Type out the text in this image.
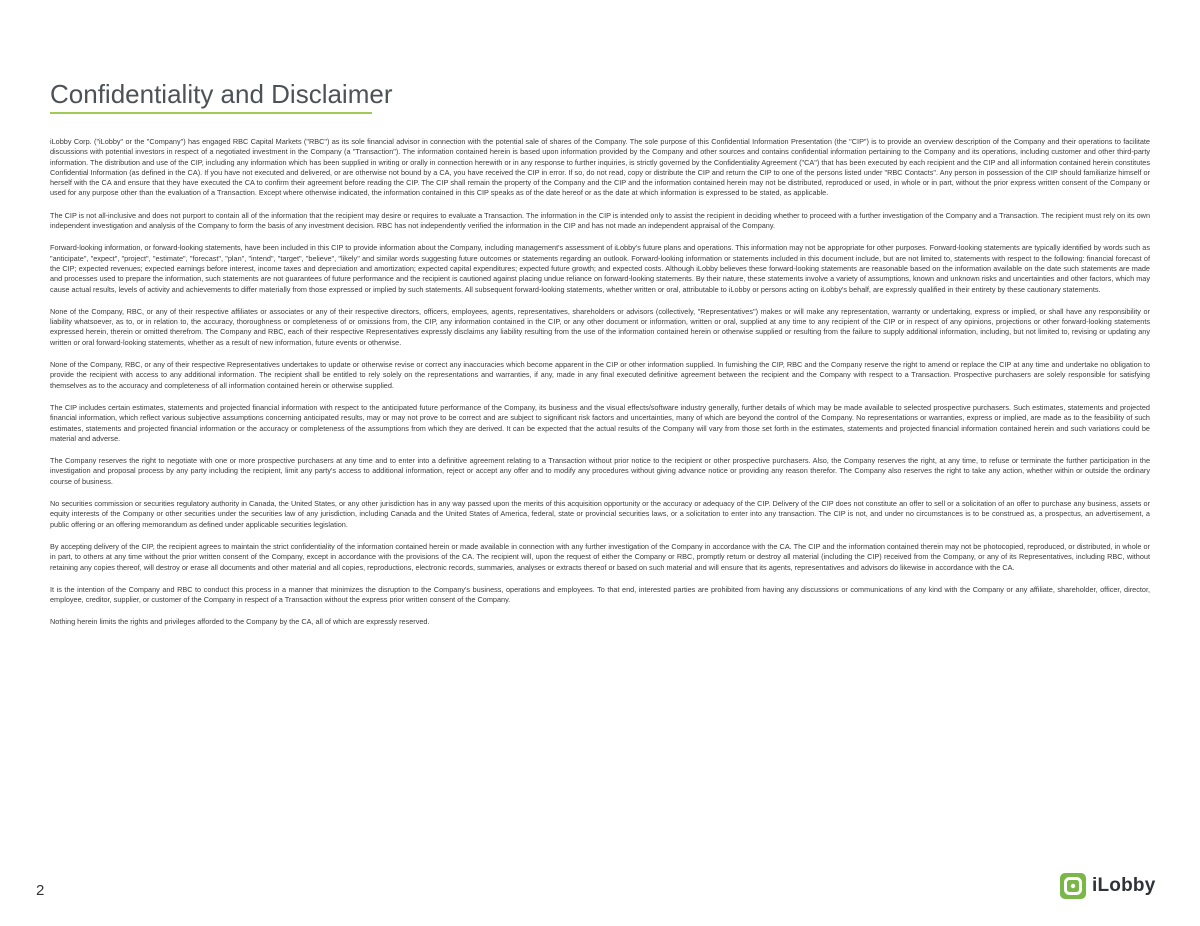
Confidentiality and Disclaimer

iLobby Corp. ("iLobby" or the "Company") has engaged RBC Capital Markets ("RBC") as its sole financial advisor in connection with the potential sale of shares of the Company. The sole purpose of this Confidential Information Presentation (the "CIP") is to provide an overview description of the Company and their operations to facilitate discussions with potential investors in respect of a negotiated investment in the Company (a "Transaction"). The information contained herein is based upon information provided by the Company and other sources and contains confidential information pertaining to the Company and its operations, including customer and other third-party information. The distribution and use of the CIP, including any information which has been supplied in writing or orally in connection herewith or in any response to further inquiries, is strictly governed by the Confidentiality Agreement ("CA") that has been executed by each recipient and the CIP and all information contained herein constitutes Confidential Information (as defined in the CA). If you have not executed and delivered, or are otherwise not bound by a CA, you have received the CIP in error. If so, do not read, copy or distribute the CIP and return the CIP to one of the persons listed under "RBC Contacts". Any person in possession of the CIP should familiarize himself or herself with the CA and ensure that they have executed the CA to confirm their agreement before reading the CIP. The CIP shall remain the property of the Company and the CIP and the information contained herein may not be distributed, reproduced or used, in whole or in part, without the prior express written consent of the Company or used for any purpose other than the evaluation of a Transaction. Except where otherwise indicated, the information contained in this CIP speaks as of the date hereof or as the date at which information is expressed to be stated, as applicable.

The CIP is not all-inclusive and does not purport to contain all of the information that the recipient may desire or requires to evaluate a Transaction. The information in the CIP is intended only to assist the recipient in deciding whether to proceed with a further investigation of the Company and a Transaction. The recipient must rely on its own independent investigation and analysis of the Company to form the basis of any investment decision. RBC has not independently verified the information in the CIP and has not made an independent appraisal of the Company.

Forward-looking information, or forward-looking statements, have been included in this CIP to provide information about the Company, including management's assessment of iLobby's future plans and operations. This information may not be appropriate for other purposes. Forward-looking statements are typically identified by words such as "anticipate", "expect", "project", "estimate", "forecast", "plan", "intend", "target", "believe", "likely" and similar words suggesting future outcomes or statements regarding an outlook. Forward-looking information or statements included in this document include, but are not limited to, statements with respect to the following: financial forecast of the CIP; expected revenues; expected earnings before interest, income taxes and depreciation and amortization; expected capital expenditures; expected future growth; and expected costs. Although iLobby believes these forward-looking statements are reasonable based on the information available on the date such statements are made and processes used to prepare the information, such statements are not guarantees of future performance and the recipient is cautioned against placing undue reliance on forward-looking statements. By their nature, these statements involve a variety of assumptions, known and unknown risks and uncertainties and other factors, which may cause actual results, levels of activity and achievements to differ materially from those expressed or implied by such statements. All subsequent forward-looking statements, whether written or oral, attributable to iLobby or persons acting on iLobby's behalf, are expressly qualified in their entirety by these cautionary statements.

None of the Company, RBC, or any of their respective affiliates or associates or any of their respective directors, officers, employees, agents, representatives, shareholders or advisors (collectively, "Representatives") makes or will make any representation, warranty or undertaking, express or implied, or shall have any responsibility or liability whatsoever, as to, or in relation to, the accuracy, thoroughness or completeness of or omissions from, the CIP, any information contained in the CIP, or any other document or information, written or oral, supplied at any time to any recipient of the CIP or in respect of any opinions, projections or other forward-looking statements expressed herein, therein or omitted therefrom. The Company and RBC, each of their respective Representatives expressly disclaims any liability resulting from the use of the information contained herein or otherwise supplied or resulting from the failure to supply additional information, including, but not limited to, revising or updating any written or oral forward-looking statements, whether as a result of new information, future events or otherwise.

None of the Company, RBC, or any of their respective Representatives undertakes to update or otherwise revise or correct any inaccuracies which become apparent in the CIP or other information supplied. In furnishing the CIP, RBC and the Company reserve the right to amend or replace the CIP at any time and undertake no obligation to provide the recipient with access to any additional information. The recipient shall be entitled to rely solely on the representations and warranties, if any, made in any final executed definitive agreement between the recipient and the Company with respect to a Transaction. Prospective purchasers are solely responsible for satisfying themselves as to the accuracy and completeness of all information contained herein or otherwise supplied.

The CIP includes certain estimates, statements and projected financial information with respect to the anticipated future performance of the Company, its business and the visual effects/software industry generally, further details of which may be made available to selected prospective purchasers. Such estimates, statements and projected financial information, which reflect various subjective assumptions concerning anticipated results, may or may not prove to be correct and are subject to significant risk factors and uncertainties, many of which are beyond the control of the Company. No representations or warranties, express or implied, are made as to the feasibility of such estimates, statements and projected financial information or the accuracy or completeness of the assumptions from which they are derived. It can be expected that the actual results of the Company will vary from those set forth in the estimates, statements and projected financial information contained herein and such variations could be material and adverse.

The Company reserves the right to negotiate with one or more prospective purchasers at any time and to enter into a definitive agreement relating to a Transaction without prior notice to the recipient or other prospective purchasers. Also, the Company reserves the right, at any time, to refuse or terminate the further participation in the investigation and proposal process by any party including the recipient, limit any party's access to additional information, reject or accept any offer and to modify any procedures without giving advance notice or providing any reason therefor. The Company also reserves the right to take any action, whether within or outside the ordinary course of business.

No securities commission or securities regulatory authority in Canada, the United States, or any other jurisdiction has in any way passed upon the merits of this acquisition opportunity or the accuracy or adequacy of the CIP. Delivery of the CIP does not constitute an offer to sell or a solicitation of an offer to purchase any business, assets or equity interests of the Company or other securities under the securities law of any jurisdiction, including Canada and the United States of America, federal, state or provincial securities laws, or a solicitation to enter into any transaction. The CIP is not, and under no circumstances is to be construed as, a prospectus, an advertisement, a public offering or an offering memorandum as defined under applicable securities legislation.

By accepting delivery of the CIP, the recipient agrees to maintain the strict confidentiality of the information contained herein or made available in connection with any further investigation of the Company in accordance with the CA. The CIP and the information contained therein may not be photocopied, reproduced, or distributed, in whole or in part, to others at any time without the prior written consent of the Company, except in accordance with the provisions of the CA. The recipient will, upon the request of either the Company or RBC, promptly return or destroy all material (including the CIP) received from the Company, or any of its Representatives, including RBC, without retaining any copies thereof, will destroy or erase all documents and other material and all copies, reproductions, electronic records, summaries, analyses or extracts thereof or based on such material and will ensure that its agents, representatives and advisors do likewise in accordance with the CA.

It is the intention of the Company and RBC to conduct this process in a manner that minimizes the disruption to the Company's business, operations and employees. To that end, interested parties are prohibited from having any discussions or communications of any kind with the Company or any affiliate, shareholder, officer, director, employee, creditor, supplier, or customer of the Company in respect of a Transaction without the express prior written consent of the Company.

Nothing herein limits the rights and privileges afforded to the Company by the CA, all of which are expressly reserved.

2	iLobby
